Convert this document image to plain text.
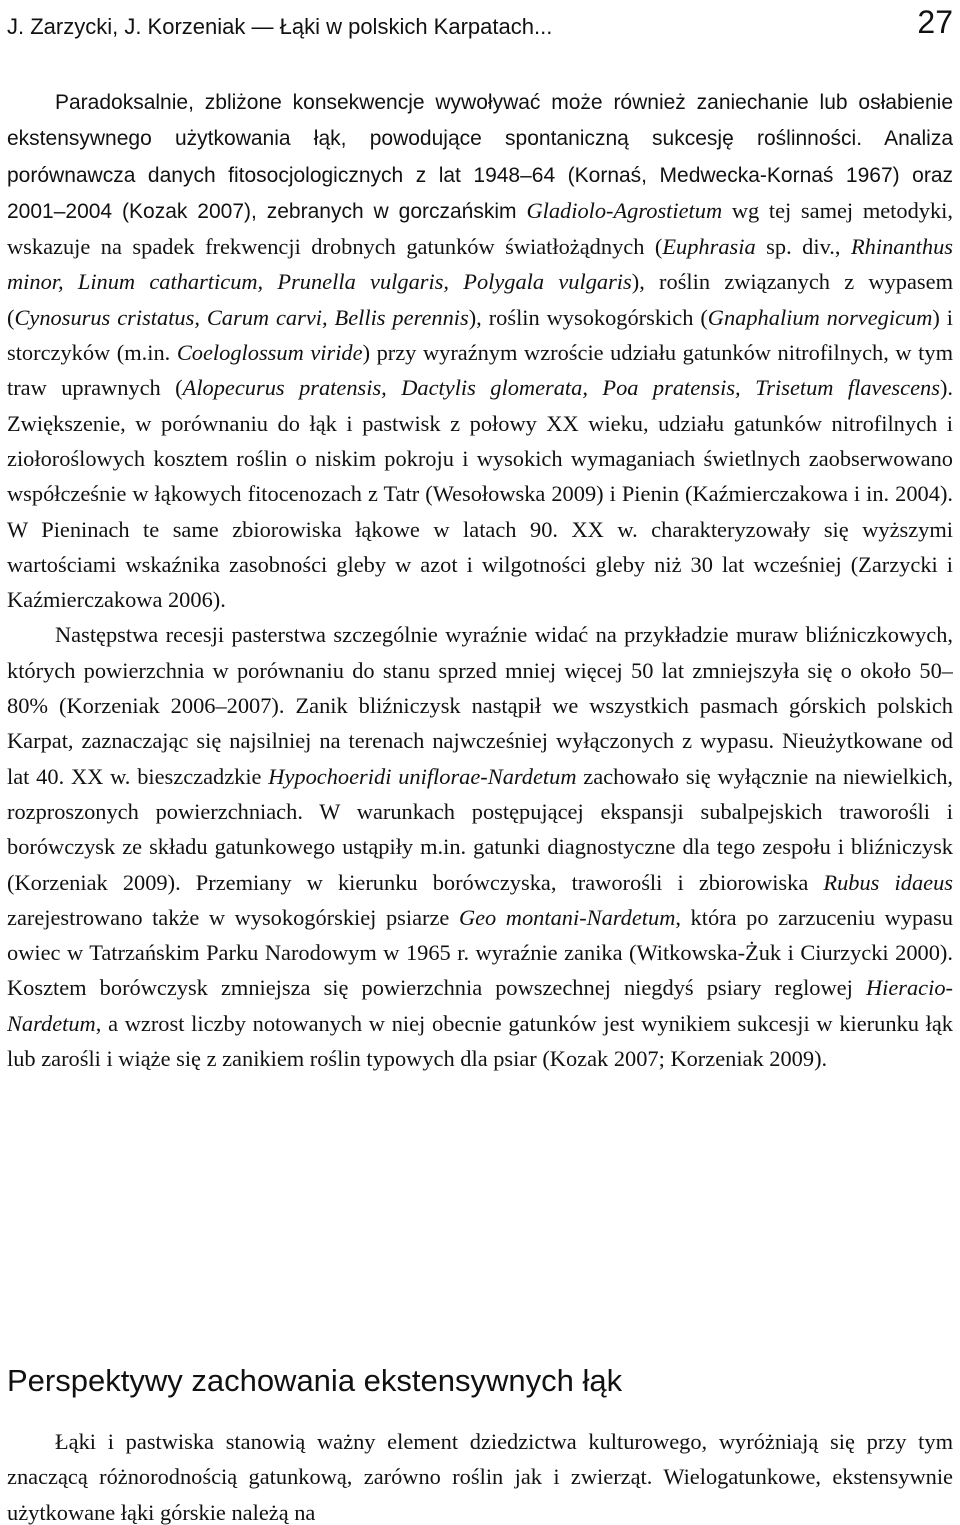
J. Zarzycki, J. Korzeniak — Łąki w polskich Karpatach...	27

Paradoksalnie, zbliżone konsekwencje wywoływać może również zaniechanie lub osłabienie ekstensywnego użytkowania łąk, powodujące spontaniczną sukcesję roślinności. Analiza porównawcza danych fitosocjologicznych z lat 1948–64 (Kornaś, Medwecka-Kornaś 1967) oraz 2001–2004 (Kozak 2007), zebranych w gorczańskim Gladiolo-Agrostietum wg tej samej metodyki, wskazuje na spadek frekwencji drobnych gatunków światłożądnych (Euphrasia sp. div., Rhinanthus minor, Linum catharticum, Prunella vulgaris, Polygala vulgaris), roślin związanych z wypasem (Cynosurus cristatus, Carum carvi, Bellis perennis), roślin wysokogórskich (Gnaphalium norvegicum) i storczyków (m.in. Coeloglossum viride) przy wyraźnym wzroście udziału gatunków nitrofilnych, w tym traw uprawnych (Alopecurus pratensis, Dactylis glomerata, Poa pratensis, Trisetum flavescens). Zwiększenie, w porównaniu do łąk i pastwisk z połowy XX wieku, udziału gatunków nitrofilnych i ziołoroślowych kosztem roślin o niskim pokroju i wysokich wymaganiach świetlnych zaobserwowano współcześnie w łąkowych fitocenozach z Tatr (Wesołowska 2009) i Pienin (Kaźmierczakowa i in. 2004). W Pieninach te same zbiorowiska łąkowe w latach 90. XX w. charakteryzowały się wyższymi wartościami wskaźnika zasobności gleby w azot i wilgotności gleby niż 30 lat wcześniej (Zarzycki i Kaźmierczakowa 2006).

Następstwa recesji pasterstwa szczególnie wyraźnie widać na przykładzie muraw bliźniczkowych, których powierzchnia w porównaniu do stanu sprzed mniej więcej 50 lat zmniejszyła się o około 50–80% (Korzeniak 2006–2007). Zanik bliźniczysk nastąpił we wszystkich pasmach górskich polskich Karpat, zaznaczając się najsilniej na terenach najwcześniej wyłączonych z wypasu. Nieużytkowane od lat 40. XX w. bieszczadzkie Hypochoeridi uniflorae-Nardetum zachowało się wyłącznie na niewielkich, rozproszonych powierzchniach. W warunkach postępującej ekspansji subalpejskich traworośli i borówczysk ze składu gatunkowego ustąpiły m.in. gatunki diagnostyczne dla tego zespołu i bliźniczysk (Korzeniak 2009). Przemiany w kierunku borówczyska, traworośli i zbiorowiska Rubus idaeus zarejestrowano także w wysokogórskiej psiarze Geo montani-Nardetum, która po zarzuceniu wypasu owiec w Tatrzańskim Parku Narodowym w 1965 r. wyraźnie zanika (Witkowska-Żuk i Ciurzycki 2000). Kosztem borówczysk zmniejsza się powierzchnia powszechnej niegdyś psiary reglowej Hieracio-Nardetum, a wzrost liczby notowanych w niej obecnie gatunków jest wynikiem sukcesji w kierunku łąk lub zarośli i wiąże się z zanikiem roślin typowych dla psiar (Kozak 2007; Korzeniak 2009).

Perspektywy zachowania ekstensywnych łąk

Łąki i pastwiska stanowią ważny element dziedzictwa kulturowego, wyróżniają się przy tym znaczącą różnorodnością gatunkową, zarówno roślin jak i zwierząt. Wielogatunkowe, ekstensywnie użytkowane łąki górskie należą na
